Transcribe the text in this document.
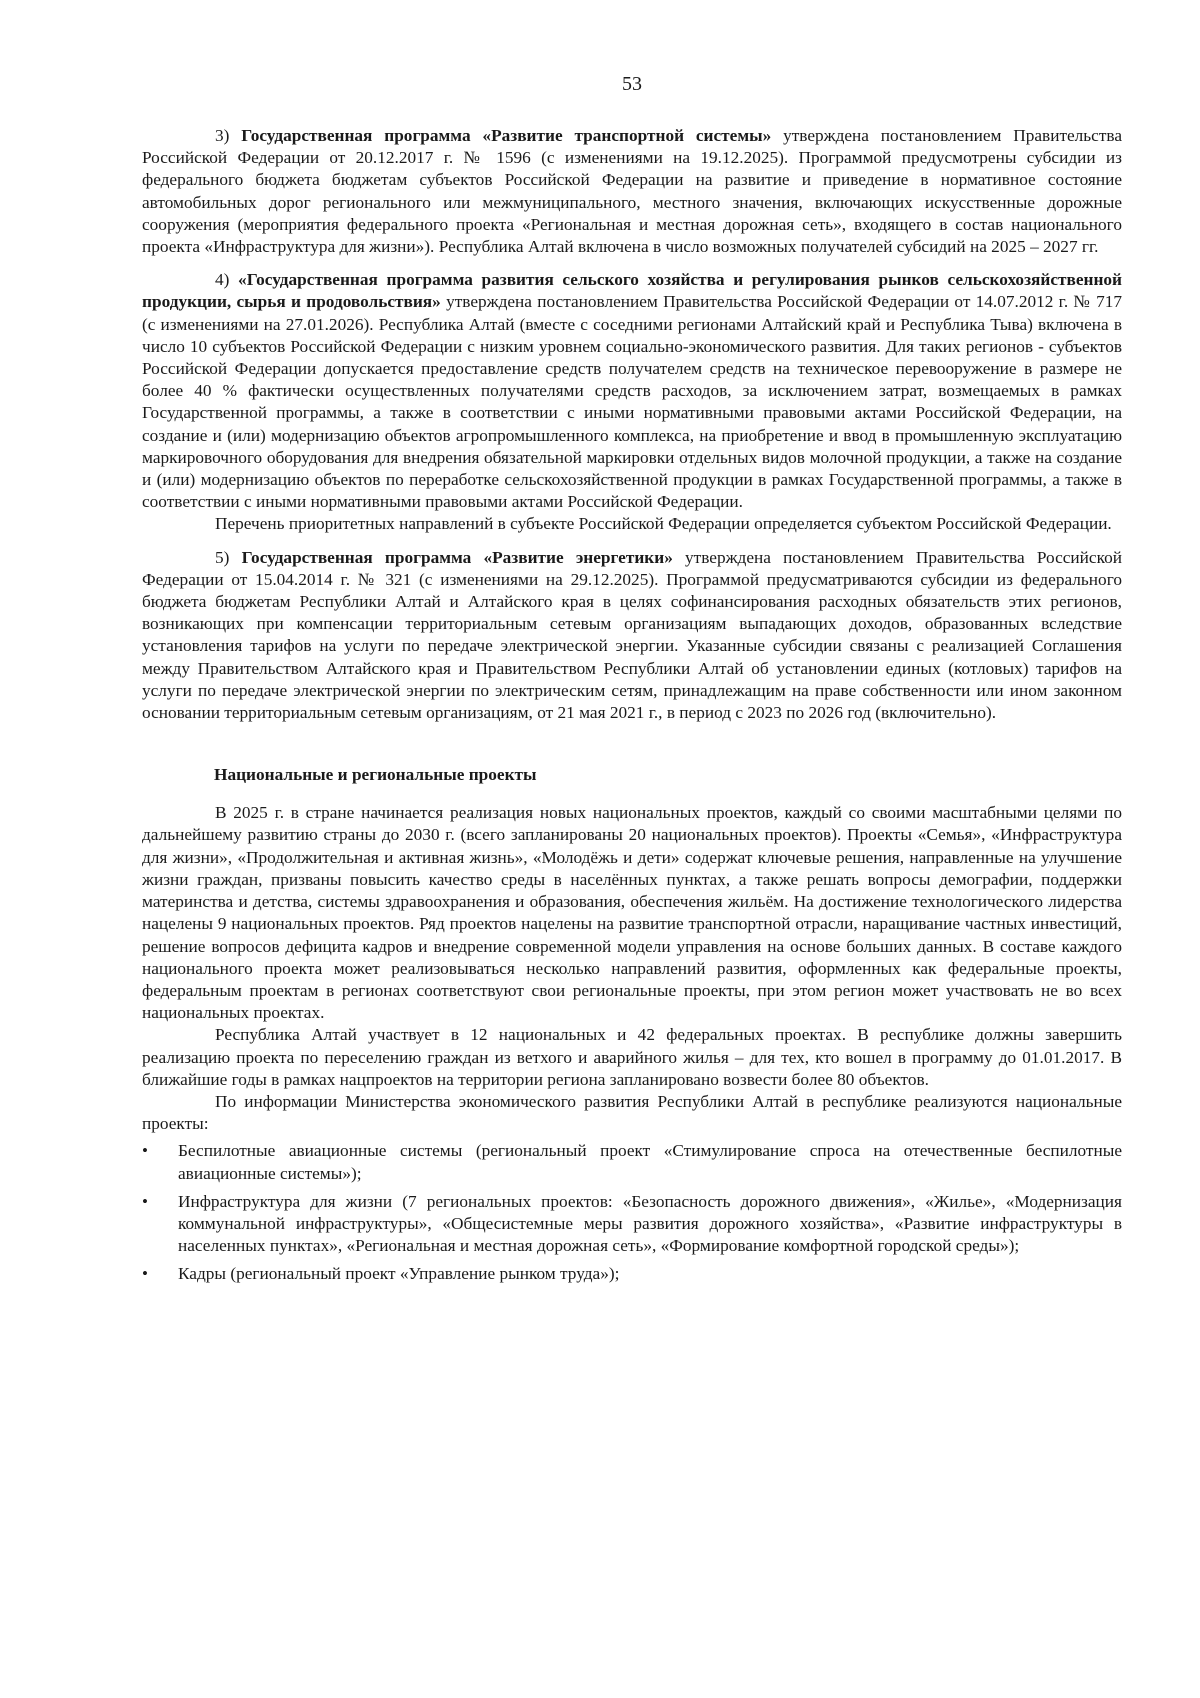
53

3) Государственная программа «Развитие транспортной системы» утверждена постановлением Правительства Российской Федерации от 20.12.2017 г. № 1596 (с изменениями на 19.12.2025). Программой предусмотрены субсидии из федерального бюджета бюджетам субъектов Российской Федерации на развитие и приведение в нормативное состояние автомобильных дорог регионального или межмуниципального, местного значения, включающих искусственные дорожные сооружения (мероприятия федерального проекта «Региональная и местная дорожная сеть», входящего в состав национального проекта «Инфраструктура для жизни»). Республика Алтай включена в число возможных получателей субсидий на 2025 – 2027 гг.

4) «Государственная программа развития сельского хозяйства и регулирования рынков сельскохозяйственной продукции, сырья и продовольствия» утверждена постановлением Правительства Российской Федерации от 14.07.2012 г. № 717 (с изменениями на 27.01.2026). Республика Алтай (вместе с соседними регионами Алтайский край и Республика Тыва) включена в число 10 субъектов Российской Федерации с низким уровнем социально-экономического развития. Для таких регионов - субъектов Российской Федерации допускается предоставление средств получателем средств на техническое перевооружение в размере не более 40 % фактически осуществленных получателями средств расходов, за исключением затрат, возмещаемых в рамках Государственной программы, а также в соответствии с иными нормативными правовыми актами Российской Федерации, на создание и (или) модернизацию объектов агропромышленного комплекса, на приобретение и ввод в промышленную эксплуатацию маркировочного оборудования для внедрения обязательной маркировки отдельных видов молочной продукции, а также на создание и (или) модернизацию объектов по переработке сельскохозяйственной продукции в рамках Государственной программы, а также в соответствии с иными нормативными правовыми актами Российской Федерации.

Перечень приоритетных направлений в субъекте Российской Федерации определяется субъектом Российской Федерации.

5) Государственная программа «Развитие энергетики» утверждена постановлением Правительства Российской Федерации от 15.04.2014 г. № 321 (с изменениями на 29.12.2025). Программой предусматриваются субсидии из федерального бюджета бюджетам Республики Алтай и Алтайского края в целях софинансирования расходных обязательств этих регионов, возникающих при компенсации территориальным сетевым организациям выпадающих доходов, образованных вследствие установления тарифов на услуги по передаче электрической энергии. Указанные субсидии связаны с реализацией Соглашения между Правительством Алтайского края и Правительством Республики Алтай об установлении единых (котловых) тарифов на услуги по передаче электрической энергии по электрическим сетям, принадлежащим на праве собственности или ином законном основании территориальным сетевым организациям, от 21 мая 2021 г., в период с 2023 по 2026 год (включительно).

Национальные и региональные проекты

В 2025 г. в стране начинается реализация новых национальных проектов, каждый со своими масштабными целями по дальнейшему развитию страны до 2030 г. (всего запланированы 20 национальных проектов). Проекты «Семья», «Инфраструктура для жизни», «Продолжительная и активная жизнь», «Молодёжь и дети» содержат ключевые решения, направленные на улучшение жизни граждан, призваны повысить качество среды в населённых пунктах, а также решать вопросы демографии, поддержки материнства и детства, системы здравоохранения и образования, обеспечения жильём. На достижение технологического лидерства нацелены 9 национальных проектов. Ряд проектов нацелены на развитие транспортной отрасли, наращивание частных инвестиций, решение вопросов дефицита кадров и внедрение современной модели управления на основе больших данных. В составе каждого национального проекта может реализовываться несколько направлений развития, оформленных как федеральные проекты, федеральным проектам в регионах соответствуют свои региональные проекты, при этом регион может участвовать не во всех национальных проектах.

Республика Алтай участвует в 12 национальных и 42 федеральных проектах. В республике должны завершить реализацию проекта по переселению граждан из ветхого и аварийного жилья – для тех, кто вошел в программу до 01.01.2017. В ближайшие годы в рамках нацпроектов на территории региона запланировано возвести более 80 объектов.

По информации Министерства экономического развития Республики Алтай в республике реализуются национальные проекты:

•	Беспилотные авиационные системы (региональный проект «Стимулирование спроса на отечественные беспилотные авиационные системы»);
•	Инфраструктура для жизни (7 региональных проектов: «Безопасность дорожного движения», «Жилье», «Модернизация коммунальной инфраструктуры», «Общесистемные меры развития дорожного хозяйства», «Развитие инфраструктуры в населенных пунктах», «Региональная и местная дорожная сеть», «Формирование комфортной городской среды»);
•	Кадры (региональный проект «Управление рынком труда»);
